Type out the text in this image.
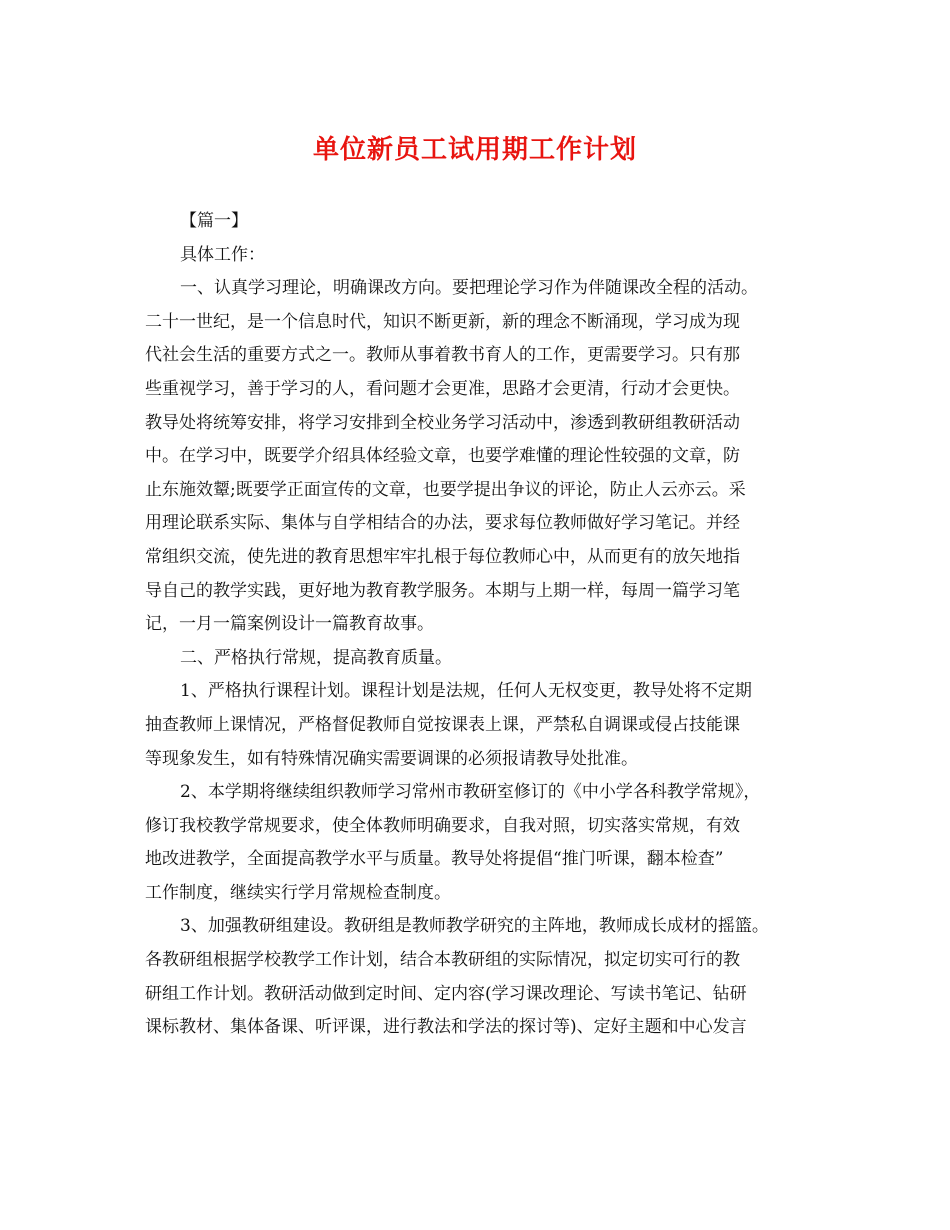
单位新员工试用期工作计划
【篇一】
具体工作：
一、认真学习理论，明确课改方向。要把理论学习作为伴随课改全程的活动。
二十一世纪，是一个信息时代，知识不断更新，新的理念不断涌现，学习成为现
代社会生活的重要方式之一。教师从事着教书育人的工作，更需要学习。只有那
些重视学习，善于学习的人，看问题才会更准，思路才会更清，行动才会更快。
教导处将统筹安排，将学习安排到全校业务学习活动中，渗透到教研组教研活动
中。在学习中，既要学介绍具体经验文章，也要学难懂的理论性较强的文章，防
止东施效颦;既要学正面宣传的文章，也要学提出争议的评论，防止人云亦云。采
用理论联系实际、集体与自学相结合的办法，要求每位教师做好学习笔记。并经
常组织交流，使先进的教育思想牢牢扎根于每位教师心中，从而更有的放矢地指
导自己的教学实践，更好地为教育教学服务。本期与上期一样，每周一篇学习笔
记，一月一篇案例设计一篇教育故事。
二、严格执行常规，提高教育质量。
1、严格执行课程计划。课程计划是法规，任何人无权变更，教导处将不定期
抽查教师上课情况，严格督促教师自觉按课表上课，严禁私自调课或侵占技能课
等现象发生，如有特殊情况确实需要调课的必须报请教导处批准。
2、本学期将继续组织教师学习常州市教研室修订的《中小学各科教学常规》，
修订我校教学常规要求，使全体教师明确要求，自我对照，切实落实常规，有效
地改进教学，全面提高教学水平与质量。教导处将提倡“推门听课，翻本检查”
工作制度，继续实行学月常规检查制度。
3、加强教研组建设。教研组是教师教学研究的主阵地，教师成长成材的摇篮。
各教研组根据学校教学工作计划，结合本教研组的实际情况，拟定切实可行的教
研组工作计划。教研活动做到定时间、定内容(学习课改理论、写读书笔记、钻研
课标教材、集体备课、听评课，进行教法和学法的探讨等)、定好主题和中心发言
